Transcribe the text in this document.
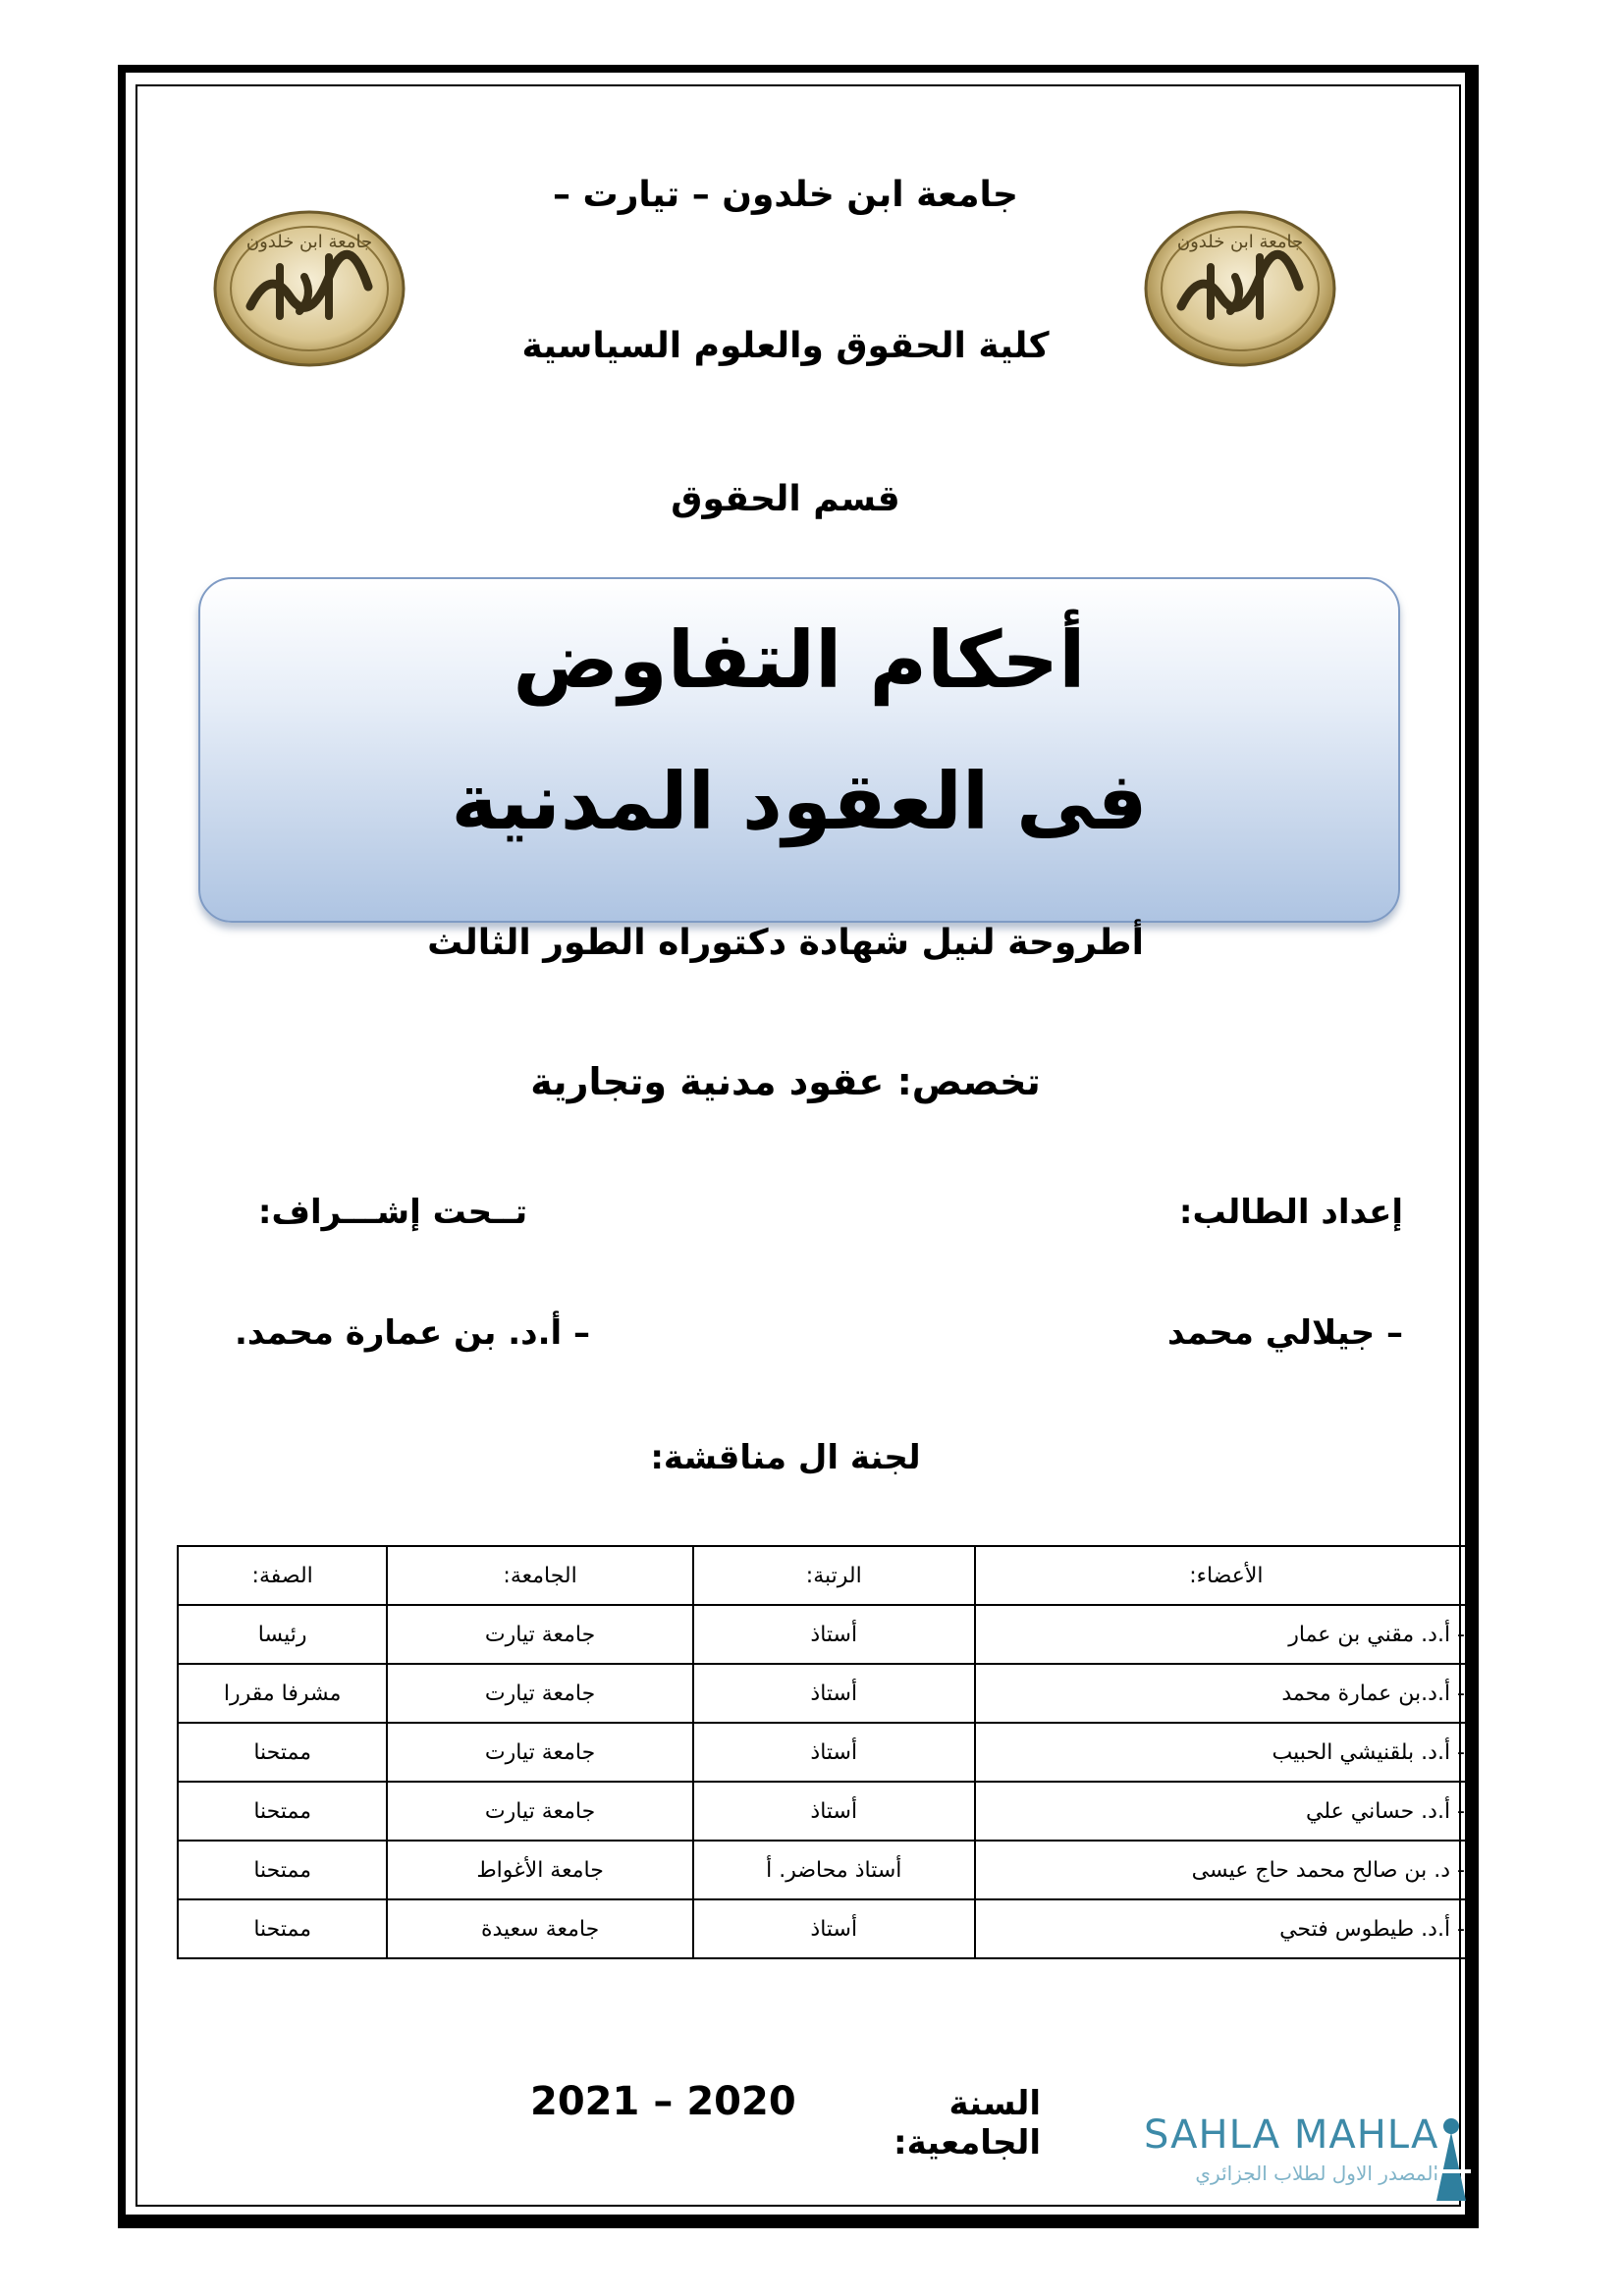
جامعة ابن خلدون	جامعة ابن خلدون
جامعة ابن خلدون – تيارت –
كلية الحقوق والعلوم السياسية
قسم الحقوق
أحكام التفاوض
فى العقود المدنية
أطروحة لنيل شهادة دكتوراه الطور الثالث
تخصص: عقود مدنية وتجارية
إعداد الطالب:
تــحت إشـــراف:
– جيلالي محمد
– أ.د. بن عمارة محمد.
لجنة ال مناقشة:
الأعضاء:	الرتبة:	الجامعة:	الصفة:
- أ.د. مقني بن عمار	أستاذ	جامعة تيارت	رئيسا
- أ.د.بن عمارة محمد	أستاذ	جامعة تيارت	مشرفا مقررا
- أ.د. بلقنيشي الحبيب	أستاذ	جامعة تيارت	ممتحنا
- أ.د. حساني علي	أستاذ	جامعة تيارت	ممتحنا
- د. بن صالح محمد حاج عيسى	أستاذ محاضر. أ	جامعة الأغواط	ممتحنا
- أ.د. طيطوس فتحي	أستاذ	جامعة سعيدة	ممتحنا
السنة الجامعية:
2020
–
2021
SAHLA MAHLA
المصدر الاول لطلاب الجزائري
